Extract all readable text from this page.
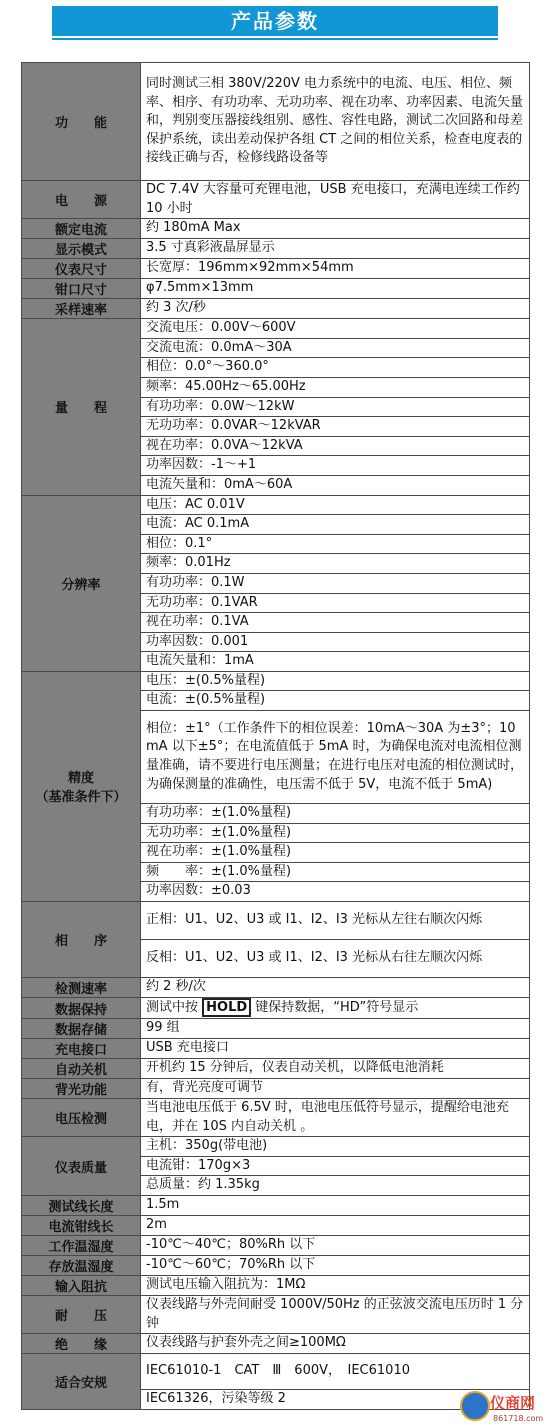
产品参数
功　　能	同时测试三相 380V/220V 电力系统中的电流、电压、相位、频率、相序、有功功率、无功功率、视在功率、功率因素、电流矢量和，判别变压器接线组别、感性、容性电路，测试二次回路和母差保护系统，读出差动保护各组 CT 之间的相位关系，检查电度表的接线正确与否，检修线路设备等
电　　源	DC 7.4V 大容量可充锂电池，USB 充电接口，充满电连续工作约 10 小时
额定电流	约 180mA Max
显示模式	3.5 寸真彩液晶屏显示
仪表尺寸	长宽厚：196mm×92mm×54mm
钳口尺寸	φ7.5mm×13mm
采样速率	约 3 次/秒
量　　程	交流电压：0.00V～600V
	交流电流：0.0mA～30A
	相位：0.0°～360.0°
	频率：45.00Hz～65.00Hz
	有功功率：0.0W～12kW
	无功功率：0.0VAR～12kVAR
	视在功率：0.0VA～12kVA
	功率因数：-1～+1
	电流矢量和：0mA～60A
分辨率	电压：AC 0.01V
	电流：AC 0.1mA
	相位：0.1°
	频率：0.01Hz
	有功功率：0.1W
	无功功率：0.1VAR
	视在功率：0.1VA
	功率因数：0.001
	电流矢量和：1mA
精度
（基准条件下）	电压：±(0.5%量程)
	电流：±(0.5%量程)
	相位：±1°（工作条件下的相位误差：10mA～30A 为±3°；10mA 以下±5°；在电流值低于 5mA 时，为确保电流对电流相位测量准确，请不要进行电压测量；在进行电压对电流的相位测试时，为确保测量的准确性，电压需不低于 5V，电流不低于 5mA)
	有功功率：±(1.0%量程)
	无功功率：±(1.0%量程)
	视在功率：±(1.0%量程)
	频　　率：±(1.0%量程)
	功率因数：±0.03
相　　序	正相：U1、U2、U3 或 I1、I2、I3 光标从左往右顺次闪烁
	反相：U1、U2、U3 或 I1、I2、I3 光标从右往左顺次闪烁
检测速率	约 2 秒/次
数据保持	测试中按 HOLD 键保持数据，“HD”符号显示
数据存储	99 组
充电接口	USB 充电接口
自动关机	开机约 15 分钟后，仪表自动关机，以降低电池消耗
背光功能	有，背光亮度可调节
电压检测	当电池电压低于 6.5V 时，电池电压低符号显示，提醒给电池充电，并在 10S 内自动关机 。
仪表质量	主机：350g(带电池)
	电流钳：170g×3
	总质量：约 1.35kg
测试线长度	1.5m
电流钳线长	2m
工作温湿度	-10℃～40℃；80%Rh 以下
存放温湿度	-10℃～60℃；70%Rh 以下
输入阻抗	测试电压输入阻抗为：1MΩ
耐　　压	仪表线路与外壳间耐受 1000V/50Hz 的正弦波交流电压历时 1 分钟
绝　　缘	仪表线路与护套外壳之间≥100MΩ
适合安规	IEC61010-1　CAT　Ⅲ　600V，　IEC61010
	IEC61326，污染等级 2	仪商网
861718.com
